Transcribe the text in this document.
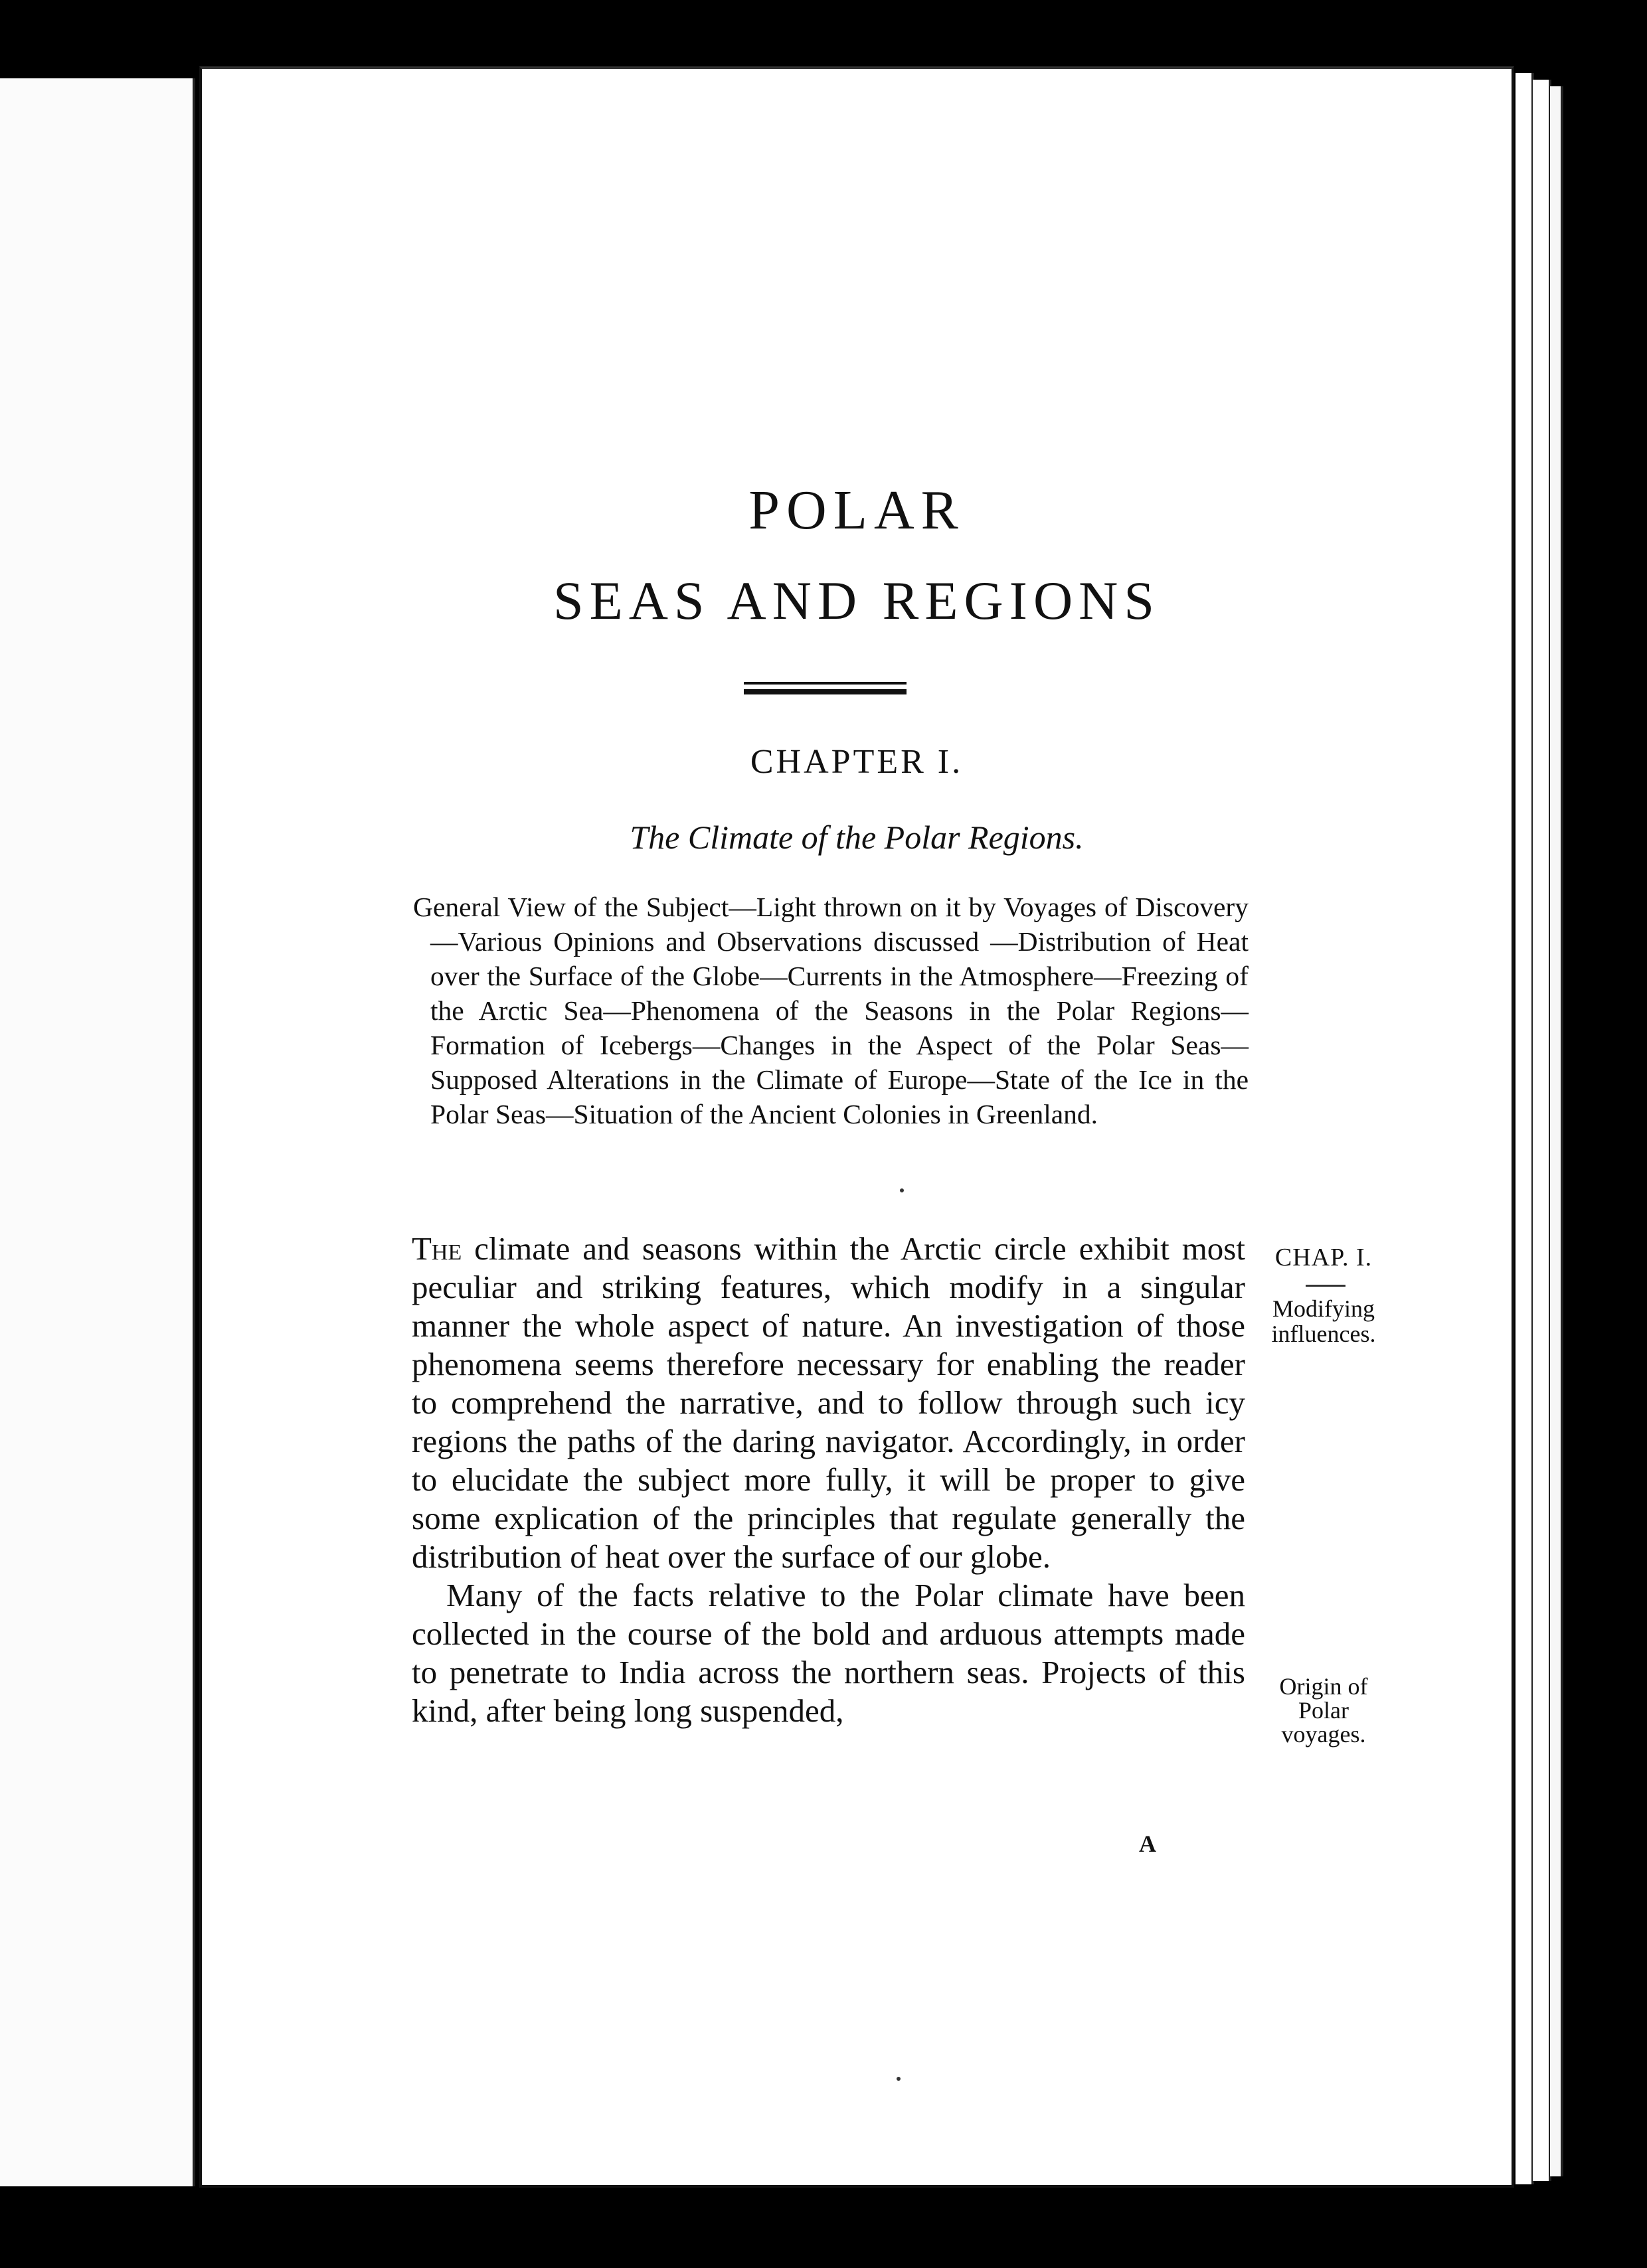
POLAR
SEAS AND REGIONS
CHAPTER I.
The Climate of the Polar Regions.
General View of the Subject—Light thrown on it by Voyages of Discovery—Various Opinions and Observations discussed —Distribution of Heat over the Surface of the Globe—Currents in the Atmosphere—Freezing of the Arctic Sea—Phenomena of the Seasons in the Polar Regions—Formation of Icebergs—Changes in the Aspect of the Polar Seas—Supposed Alterations in the Climate of Europe—State of the Ice in the Polar Seas—Situation of the Ancient Colonies in Greenland.

The climate and seasons within the Arctic circle exhibit most peculiar and striking features, which modify in a singular manner the whole aspect of nature. An investigation of those phenomena seems therefore necessary for enabling the reader to comprehend the narrative, and to follow through such icy regions the paths of the daring navigator. Accordingly, in order to elucidate the subject more fully, it will be proper to give some explication of the principles that regulate generally the distribution of heat over the surface of our globe.

Many of the facts relative to the Polar climate have been collected in the course of the bold and arduous attempts made to penetrate to India across the northern seas. Projects of this kind, after being long suspended,

CHAP. I.
Modifying
influences.
Origin of
Polar
voyages.
A
